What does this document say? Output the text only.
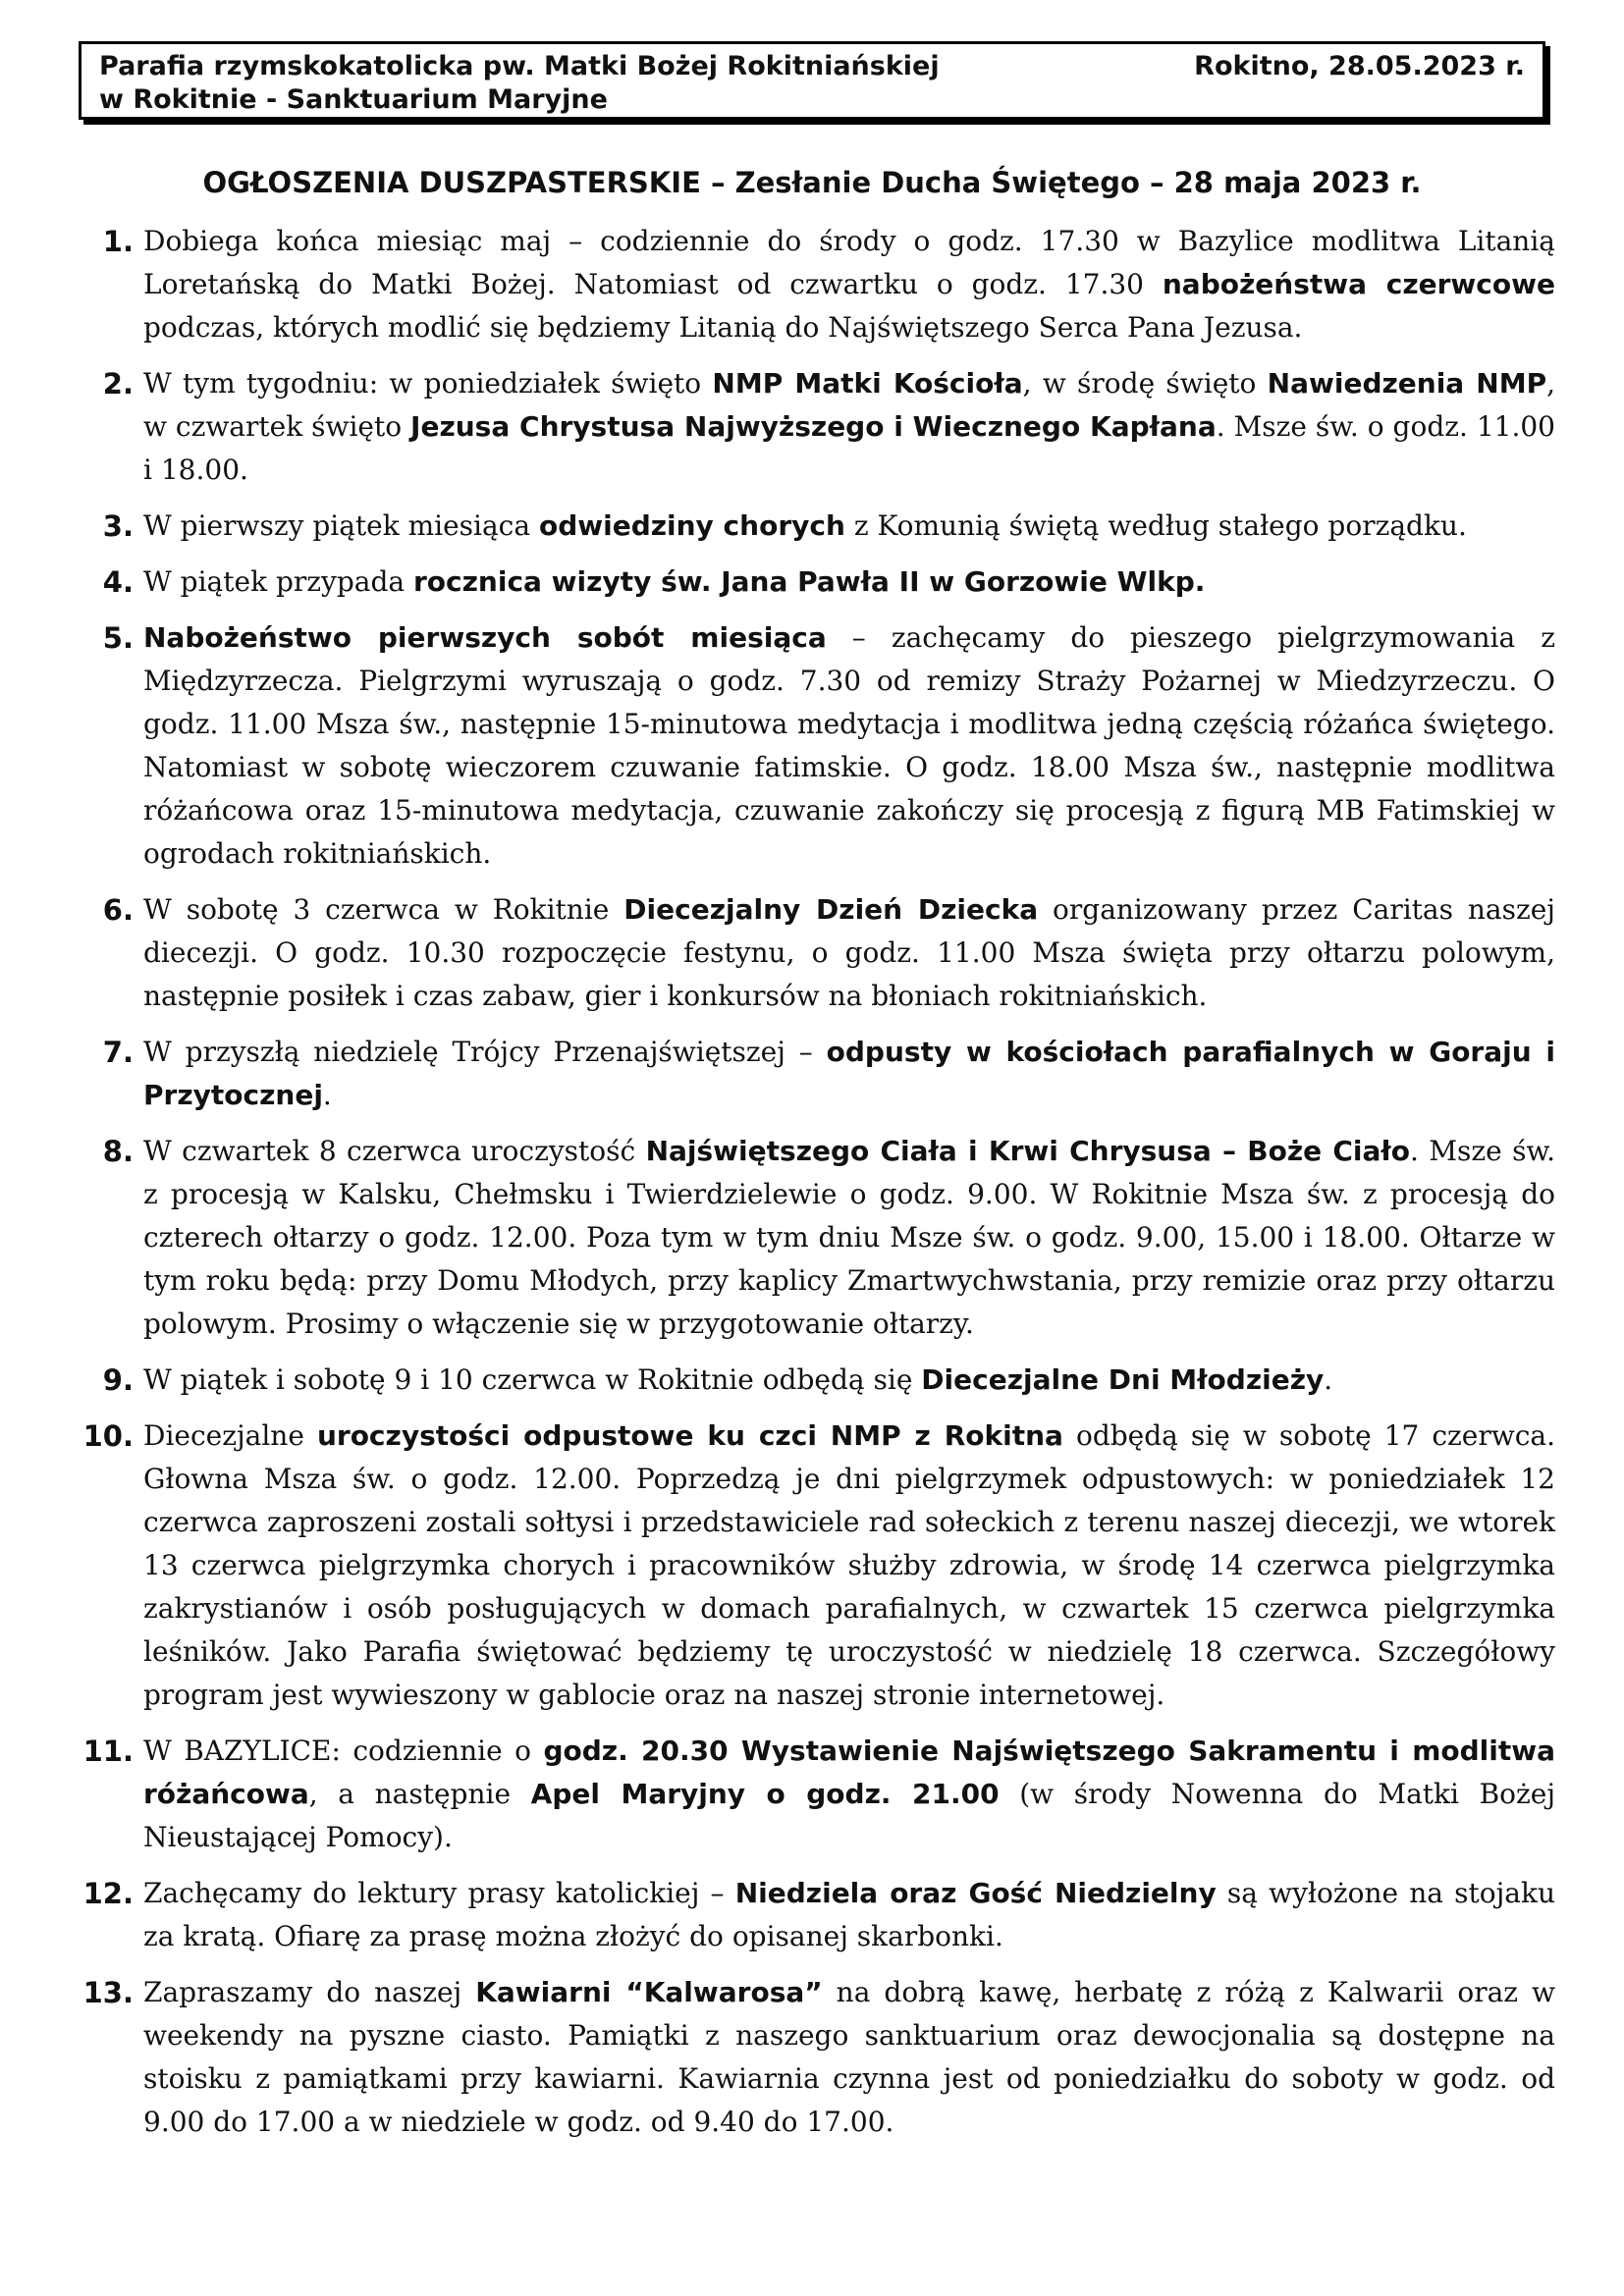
Parafia rzymskokatolicka pw. Matki Bożej Rokitniańskiej
w Rokitnie - Sanktuarium Maryjne
Rokitno, 28.05.2023 r.
OGŁOSZENIA DUSZPASTERSKIE – Zesłanie Ducha Świętego – 28 maja 2023 r.
1. Dobiega końca miesiąc maj – codziennie do środy o godz. 17.30 w Bazylice modlitwa Litanią Loretańską do Matki Bożej. Natomiast od czwartku o godz. 17.30 nabożeństwa czerwcowe podczas, których modlić się będziemy Litanią do Najświętszego Serca Pana Jezusa.
2. W tym tygodniu: w poniedziałek święto NMP Matki Kościoła, w środę święto Nawiedzenia NMP, w czwartek święto Jezusa Chrystusa Najwyższego i Wiecznego Kapłana. Msze św. o godz. 11.00 i 18.00.
3. W pierwszy piątek miesiąca odwiedziny chorych z Komunią świętą według stałego porządku.
4. W piątek przypada rocznica wizyty św. Jana Pawła II w Gorzowie Wlkp.
5. Nabożeństwo pierwszych sobót miesiąca – zachęcamy do pieszego pielgrzymowania z Międzyrzecza. Pielgrzymi wyruszają o godz. 7.30 od remizy Straży Pożarnej w Miedzyrzeczu. O godz. 11.00 Msza św., następnie 15-minutowa medytacja i modlitwa jedną częścią różańca świętego. Natomiast w sobotę wieczorem czuwanie fatimskie. O godz. 18.00 Msza św., następnie modlitwa różańcowa oraz 15-minutowa medytacja, czuwanie zakończy się procesją z figurą MB Fatimskiej w ogrodach rokitniańskich.
6. W sobotę 3 czerwca w Rokitnie Diecezjalny Dzień Dziecka organizowany przez Caritas naszej diecezji. O godz. 10.30 rozpoczęcie festynu, o godz. 11.00 Msza święta przy ołtarzu polowym, następnie posiłek i czas zabaw, gier i konkursów na błoniach rokitniańskich.
7. W przyszłą niedzielę Trójcy Przenajświętszej – odpusty w kościołach parafialnych w Goraju i Przytocznej.
8. W czwartek 8 czerwca uroczystość Najświętszego Ciała i Krwi Chrysusa – Boże Ciało. Msze św. z procesją w Kalsku, Chełmsku i Twierdzielewie o godz. 9.00. W Rokitnie Msza św. z procesją do czterech ołtarzy o godz. 12.00. Poza tym w tym dniu Msze św. o godz. 9.00, 15.00 i 18.00. Ołtarze w tym roku będą: przy Domu Młodych, przy kaplicy Zmartwychwstania, przy remizie oraz przy ołtarzu polowym. Prosimy o włączenie się w przygotowanie ołtarzy.
9. W piątek i sobotę 9 i 10 czerwca w Rokitnie odbędą się Diecezjalne Dni Młodzieży.
10. Diecezjalne uroczystości odpustowe ku czci NMP z Rokitna odbędą się w sobotę 17 czerwca. Głowna Msza św. o godz. 12.00. Poprzedzą je dni pielgrzymek odpustowych: w poniedziałek 12 czerwca zaproszeni zostali sołtysi i przedstawiciele rad sołeckich z terenu naszej diecezji, we wtorek 13 czerwca pielgrzymka chorych i pracowników służby zdrowia, w środę 14 czerwca pielgrzymka zakrystianów i osób posługujących w domach parafialnych, w czwartek 15 czerwca pielgrzymka leśników. Jako Parafia świętować będziemy tę uroczystość w niedzielę 18 czerwca. Szczegółowy program jest wywieszony w gablocie oraz na naszej stronie internetowej.
11. W BAZYLICE: codziennie o godz. 20.30 Wystawienie Najświętszego Sakramentu i modlitwa różańcowa, a następnie Apel Maryjny o godz. 21.00 (w środy Nowenna do Matki Bożej Nieustającej Pomocy).
12. Zachęcamy do lektury prasy katolickiej – Niedziela oraz Gość Niedzielny są wyłożone na stojaku za kratą. Ofiarę za prasę można złożyć do opisanej skarbonki.
13. Zapraszamy do naszej Kawiarni “Kalwarosa” na dobrą kawę, herbatę z różą z Kalwarii oraz w weekendy na pyszne ciasto. Pamiątki z naszego sanktuarium oraz dewocjonalia są dostępne na stoisku z pamiątkami przy kawiarni. Kawiarnia czynna jest od poniedziałku do soboty w godz. od 9.00 do 17.00 a w niedziele w godz. od 9.40 do 17.00.
